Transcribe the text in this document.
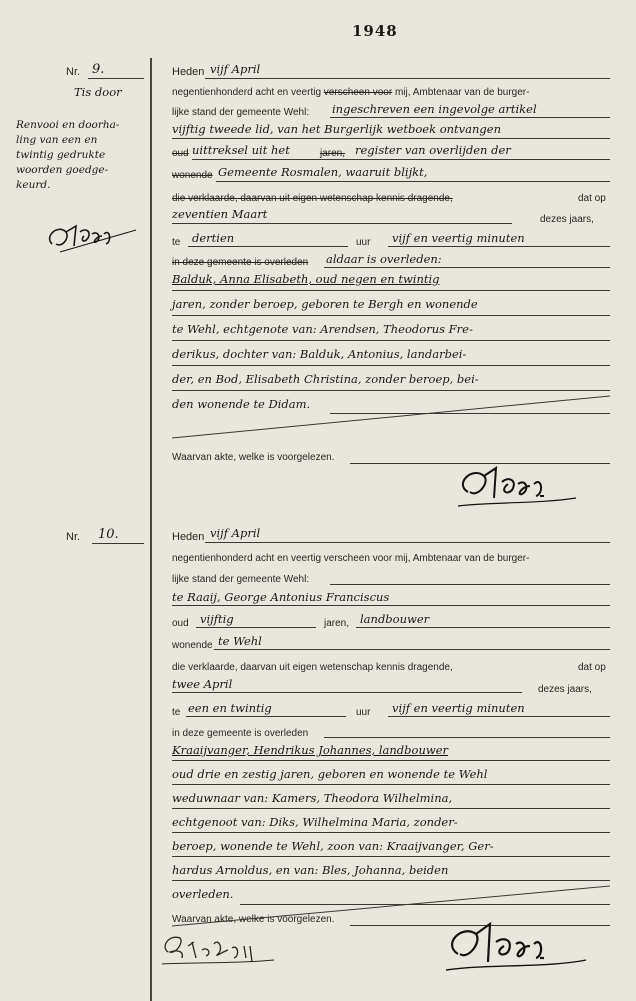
1948
Nr. 9.
Tis door
Renvooi en doorha-
ling van een en
twintig gedrukte
woorden goedge-
keurd.
Heden vijf April
negentienhonderd acht en veertig verscheen voor mij, Ambtenaar van de burger-
lijke stand der gemeente Wehl: ingeschreven een ingevolge artikel
vijftig tweede lid, van het Burgerlijk wetboek ontvangen
oud uittreksel uit het	jaren, register van overlijden der
wonende Gemeente Rosmalen, waaruit blijkt,
die verklaarde, daarvan uit eigen wetenschap kennis dragende,	dat op
zeventien Maart	dezes jaars,
te dertien	uur vijf en veertig minuten
in deze gemeente is overleden aldaar is overleden:
Balduk, Anna Elisabeth, oud negen en twintig
jaren, zonder beroep, geboren te Bergh en wonende
te Wehl, echtgenote van: Arendsen, Theodorus Fre-
derikus, dochter van: Balduk, Antonius, landarbei-
der, en Bod, Elisabeth Christina, zonder beroep, bei-
den wonende te Didam.
Waarvan akte, welke is voorgelezen.
Nr. 10.	Heden vijf April
negentienhonderd acht en veertig verscheen voor mij, Ambtenaar van de burger-
lijke stand der gemeente Wehl:
te Raaij, George Antonius Franciscus
oud vijftig	jaren, landbouwer
wonende te Wehl
die verklaarde, daarvan uit eigen wetenschap kennis dragende,	dat op
twee April	dezes jaars,
te een en twintig	uur vijf en veertig minuten
in deze gemeente is overleden
Kraaijvanger, Hendrikus Johannes, landbouwer
oud drie en zestig jaren, geboren en wonende te Wehl
weduwnaar van: Kamers, Theodora Wilhelmina,
echtgenoot van: Diks, Wilhelmina Maria, zonder-
beroep, wonende te Wehl, zoon van: Kraaijvanger, Ger-
hardus Arnoldus, en van: Bles, Johanna, beiden
overleden.
Waarvan akte, welke is voorgelezen.
